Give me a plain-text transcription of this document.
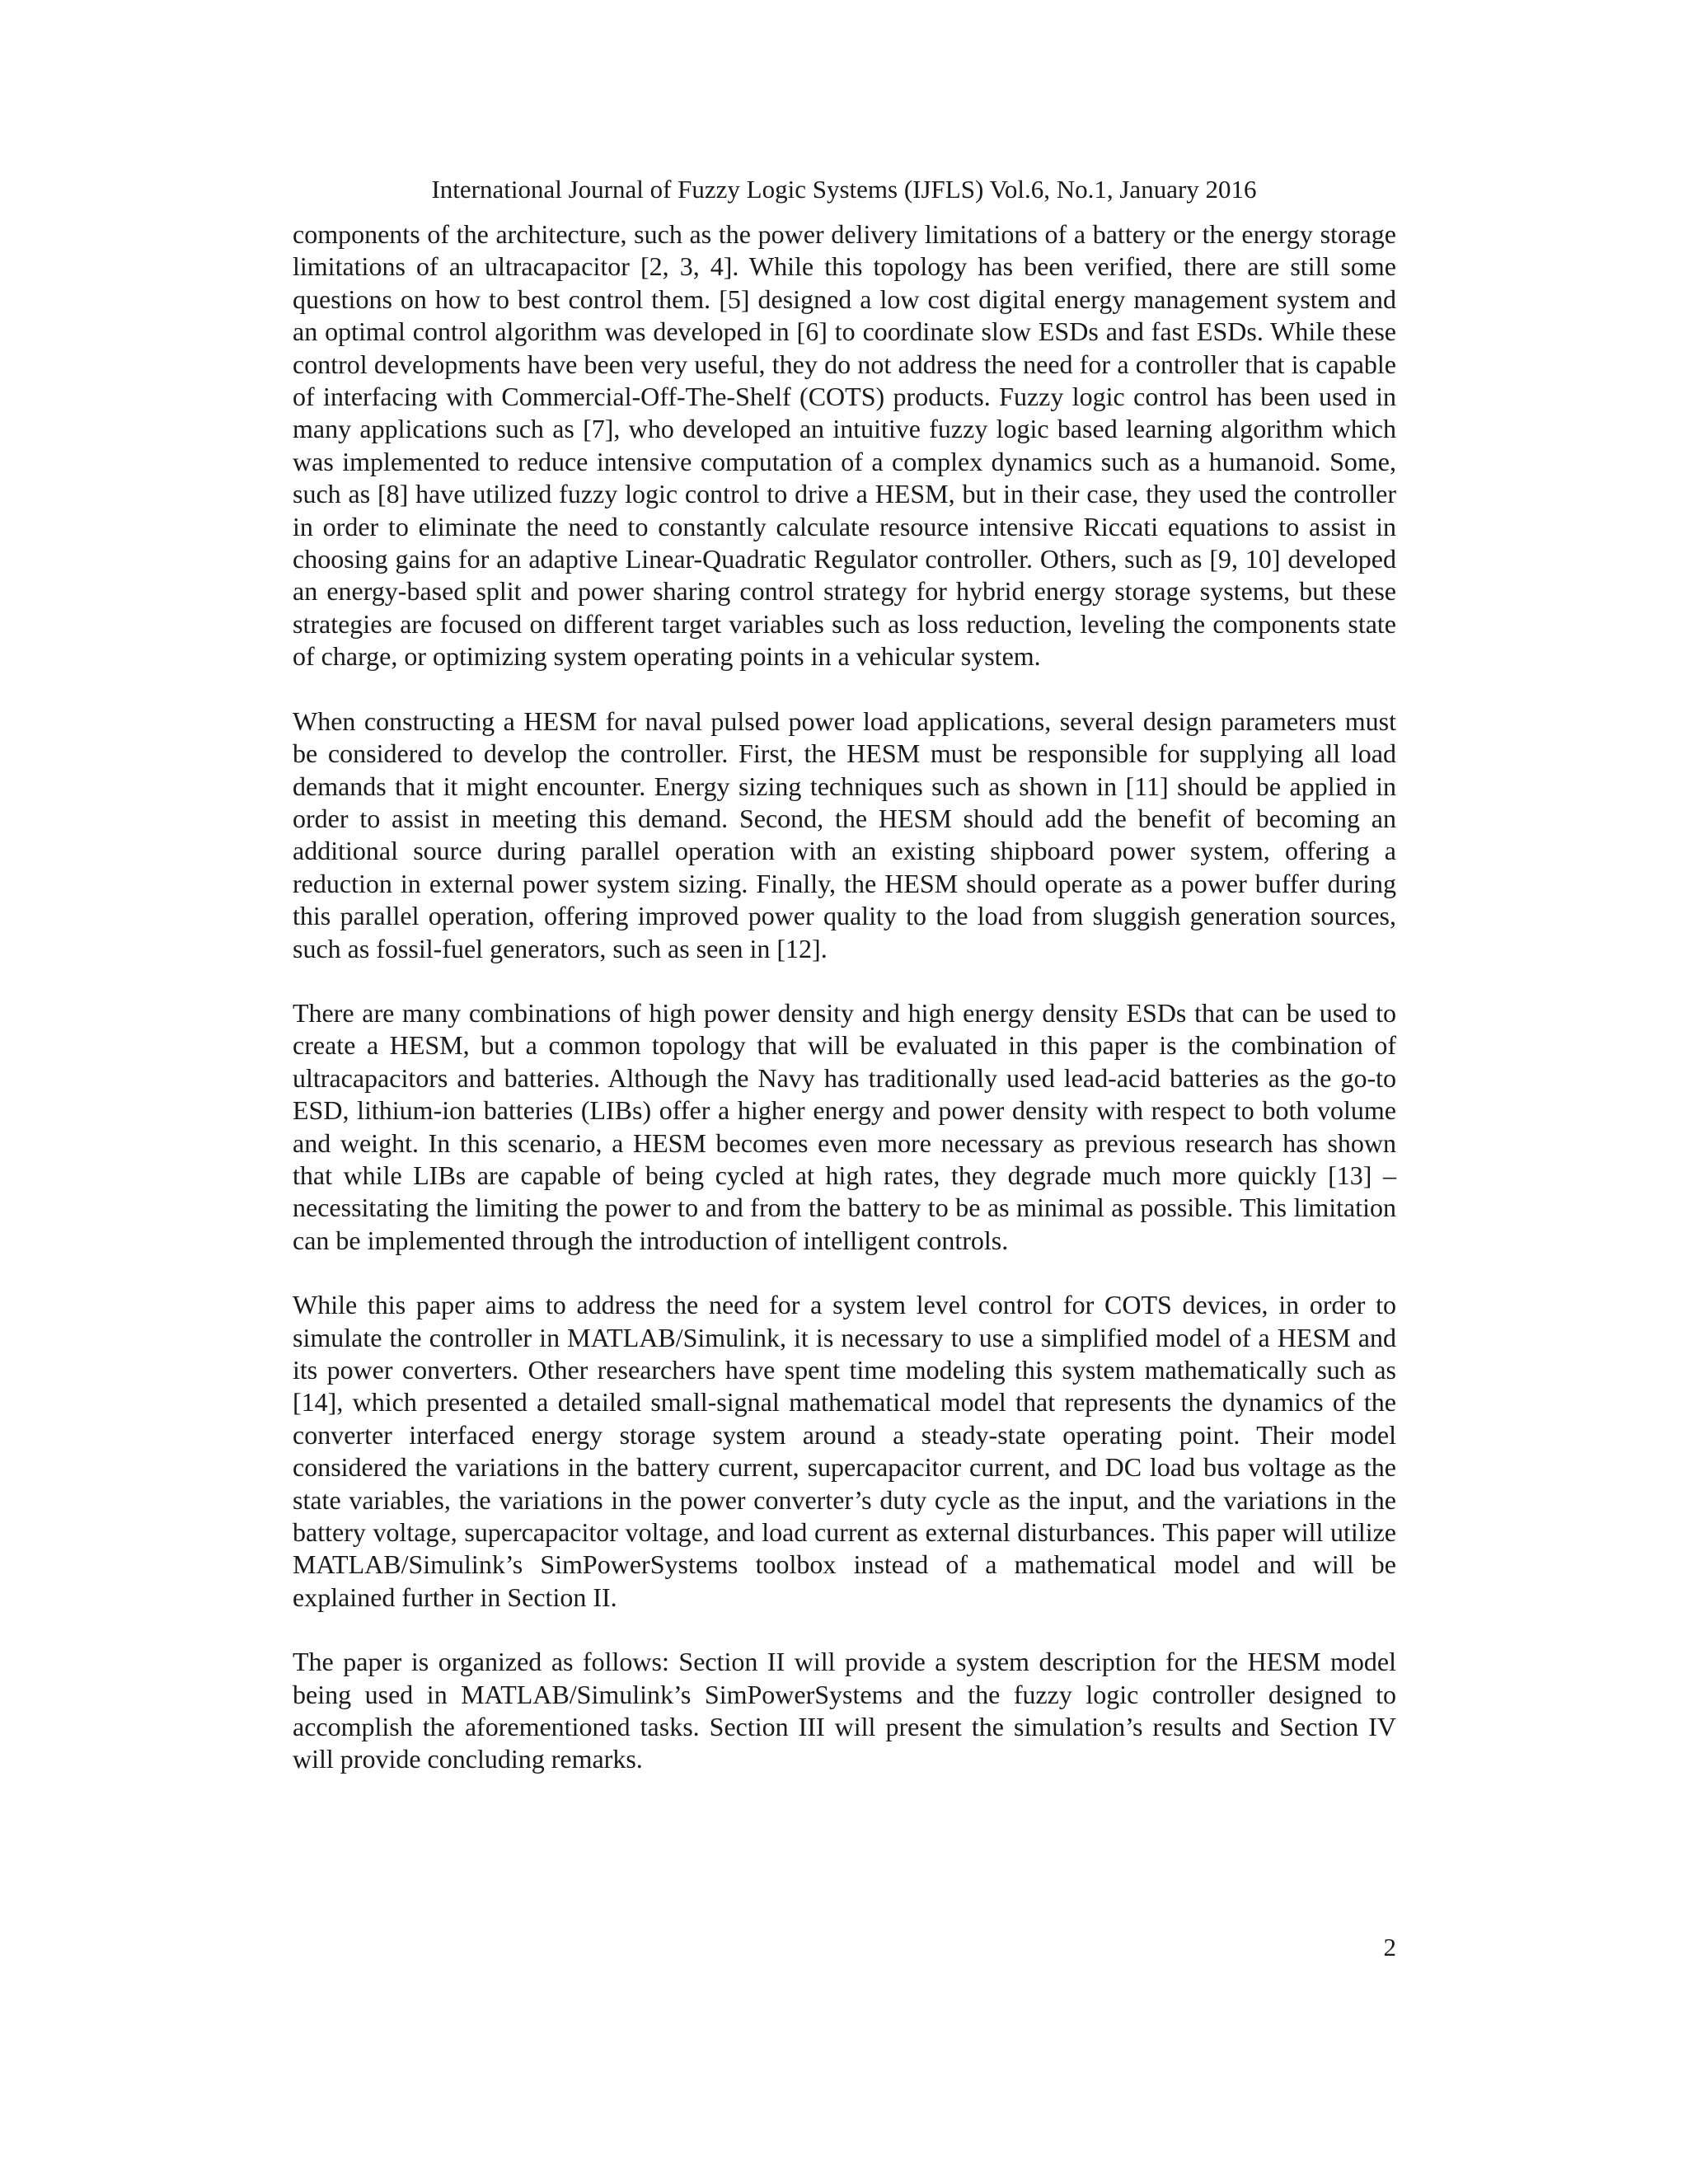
International Journal of Fuzzy Logic Systems (IJFLS) Vol.6, No.1, January 2016

components of the architecture, such as the power delivery limitations of a battery or the energy storage limitations of an ultracapacitor [2, 3, 4]. While this topology has been verified, there are still some questions on how to best control them. [5] designed a low cost digital energy management system and an optimal control algorithm was developed in [6] to coordinate slow ESDs and fast ESDs. While these control developments have been very useful, they do not address the need for a controller that is capable of interfacing with Commercial-Off-The-Shelf (COTS) products. Fuzzy logic control has been used in many applications such as [7], who developed an intuitive fuzzy logic based learning algorithm which was implemented to reduce intensive computation of a complex dynamics such as a humanoid. Some, such as [8] have utilized fuzzy logic control to drive a HESM, but in their case, they used the controller in order to eliminate the need to constantly calculate resource intensive Riccati equations to assist in choosing gains for an adaptive Linear-Quadratic Regulator controller. Others, such as [9, 10] developed an energy-based split and power sharing control strategy for hybrid energy storage systems, but these strategies are focused on different target variables such as loss reduction, leveling the components state of charge, or optimizing system operating points in a vehicular system.

When constructing a HESM for naval pulsed power load applications, several design parameters must be considered to develop the controller. First, the HESM must be responsible for supplying all load demands that it might encounter. Energy sizing techniques such as shown in [11] should be applied in order to assist in meeting this demand. Second, the HESM should add the benefit of becoming an additional source during parallel operation with an existing shipboard power system, offering a reduction in external power system sizing. Finally, the HESM should operate as a power buffer during this parallel operation, offering improved power quality to the load from sluggish generation sources, such as fossil-fuel generators, such as seen in [12].

There are many combinations of high power density and high energy density ESDs that can be used to create a HESM, but a common topology that will be evaluated in this paper is the combination of ultracapacitors and batteries. Although the Navy has traditionally used lead-acid batteries as the go-to ESD, lithium-ion batteries (LIBs) offer a higher energy and power density with respect to both volume and weight. In this scenario, a HESM becomes even more necessary as previous research has shown that while LIBs are capable of being cycled at high rates, they degrade much more quickly [13] – necessitating the limiting the power to and from the battery to be as minimal as possible. This limitation can be implemented through the introduction of intelligent controls.

While this paper aims to address the need for a system level control for COTS devices, in order to simulate the controller in MATLAB/Simulink, it is necessary to use a simplified model of a HESM and its power converters. Other researchers have spent time modeling this system mathematically such as [14], which presented a detailed small-signal mathematical model that represents the dynamics of the converter interfaced energy storage system around a steady-state operating point. Their model considered the variations in the battery current, supercapacitor current, and DC load bus voltage as the state variables, the variations in the power converter’s duty cycle as the input, and the variations in the battery voltage, supercapacitor voltage, and load current as external disturbances. This paper will utilize MATLAB/Simulink’s SimPowerSystems toolbox instead of a mathematical model and will be explained further in Section II.

The paper is organized as follows: Section II will provide a system description for the HESM model being used in MATLAB/Simulink’s SimPowerSystems and the fuzzy logic controller designed to accomplish the aforementioned tasks. Section III will present the simulation’s results and Section IV will provide concluding remarks.

2
